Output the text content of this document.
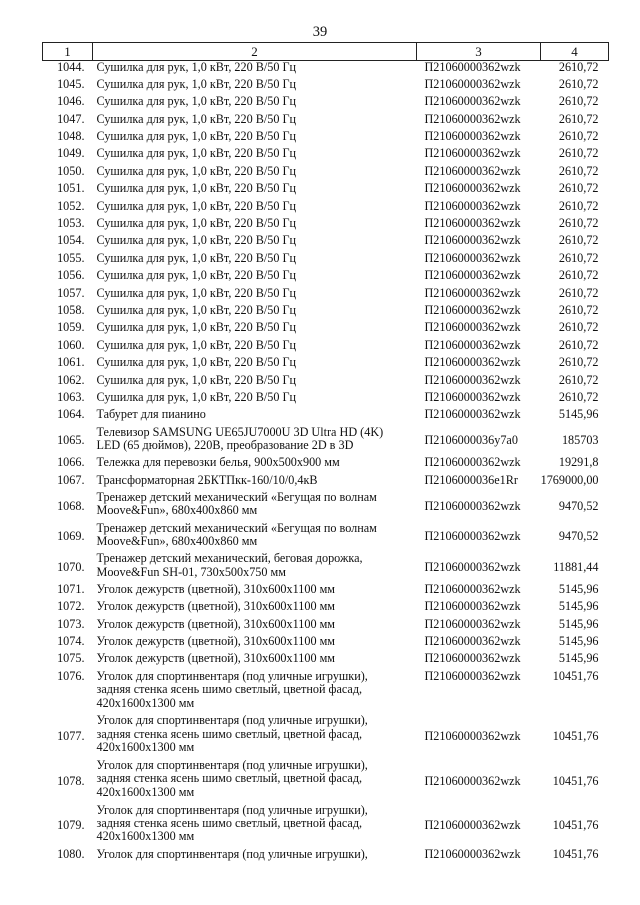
39
1	2	3	4
1044.	Сушилка для рук, 1,0 кВт, 220 В/50 Гц	П21060000362wzk	2610,72
1045.	Сушилка для рук, 1,0 кВт, 220 В/50 Гц	П21060000362wzk	2610,72
1046.	Сушилка для рук, 1,0 кВт, 220 В/50 Гц	П21060000362wzk	2610,72
1047.	Сушилка для рук, 1,0 кВт, 220 В/50 Гц	П21060000362wzk	2610,72
1048.	Сушилка для рук, 1,0 кВт, 220 В/50 Гц	П21060000362wzk	2610,72
1049.	Сушилка для рук, 1,0 кВт, 220 В/50 Гц	П21060000362wzk	2610,72
1050.	Сушилка для рук, 1,0 кВт, 220 В/50 Гц	П21060000362wzk	2610,72
1051.	Сушилка для рук, 1,0 кВт, 220 В/50 Гц	П21060000362wzk	2610,72
1052.	Сушилка для рук, 1,0 кВт, 220 В/50 Гц	П21060000362wzk	2610,72
1053.	Сушилка для рук, 1,0 кВт, 220 В/50 Гц	П21060000362wzk	2610,72
1054.	Сушилка для рук, 1,0 кВт, 220 В/50 Гц	П21060000362wzk	2610,72
1055.	Сушилка для рук, 1,0 кВт, 220 В/50 Гц	П21060000362wzk	2610,72
1056.	Сушилка для рук, 1,0 кВт, 220 В/50 Гц	П21060000362wzk	2610,72
1057.	Сушилка для рук, 1,0 кВт, 220 В/50 Гц	П21060000362wzk	2610,72
1058.	Сушилка для рук, 1,0 кВт, 220 В/50 Гц	П21060000362wzk	2610,72
1059.	Сушилка для рук, 1,0 кВт, 220 В/50 Гц	П21060000362wzk	2610,72
1060.	Сушилка для рук, 1,0 кВт, 220 В/50 Гц	П21060000362wzk	2610,72
1061.	Сушилка для рук, 1,0 кВт, 220 В/50 Гц	П21060000362wzk	2610,72
1062.	Сушилка для рук, 1,0 кВт, 220 В/50 Гц	П21060000362wzk	2610,72
1063.	Сушилка для рук, 1,0 кВт, 220 В/50 Гц	П21060000362wzk	2610,72
1064.	Табурет для пианино	П21060000362wzk	5145,96
1065.	Телевизор SAMSUNG UE65JU7000U 3D Ultra HD (4K)
LED (65 дюймов), 220В, преобразование 2D в 3D	П2106000036у7а0	185703
1066.	Тележка для перевозки белья, 900х500х900 мм	П21060000362wzk	19291,8
1067.	Трансформаторная 2БКТПкк-160/10/0,4кВ	П2106000036е1Rr	1769000,00
1068.	Тренажер детский механический «Бегущая по волнам
Moove&Fun», 680х400х860 мм	П21060000362wzk	9470,52
1069.	Тренажер детский механический «Бегущая по волнам
Moove&Fun», 680х400х860 мм	П21060000362wzk	9470,52
1070.	Тренажер детский механический, беговая дорожка,
Moove&Fun SH-01, 730х500х750 мм	П21060000362wzk	11881,44
1071.	Уголок дежурств (цветной), 310х600х1100 мм	П21060000362wzk	5145,96
1072.	Уголок дежурств (цветной), 310х600х1100 мм	П21060000362wzk	5145,96
1073.	Уголок дежурств (цветной), 310х600х1100 мм	П21060000362wzk	5145,96
1074.	Уголок дежурств (цветной), 310х600х1100 мм	П21060000362wzk	5145,96
1075.	Уголок дежурств (цветной), 310х600х1100 мм	П21060000362wzk	5145,96
1076.	Уголок для спортинвентаря (под уличные игрушки),
задняя стенка ясень шимо светлый, цветной фасад,
420х1600х1300 мм	П21060000362wzk	10451,76
1077.	Уголок для спортинвентаря (под уличные игрушки),
задняя стенка ясень шимо светлый, цветной фасад,
420х1600х1300 мм	П21060000362wzk	10451,76
1078.	Уголок для спортинвентаря (под уличные игрушки),
задняя стенка ясень шимо светлый, цветной фасад,
420х1600х1300 мм	П21060000362wzk	10451,76
1079.	Уголок для спортинвентаря (под уличные игрушки),
задняя стенка ясень шимо светлый, цветной фасад,
420х1600х1300 мм	П21060000362wzk	10451,76
1080.	Уголок для спортинвентаря (под уличные игрушки),	П21060000362wzk	10451,76
